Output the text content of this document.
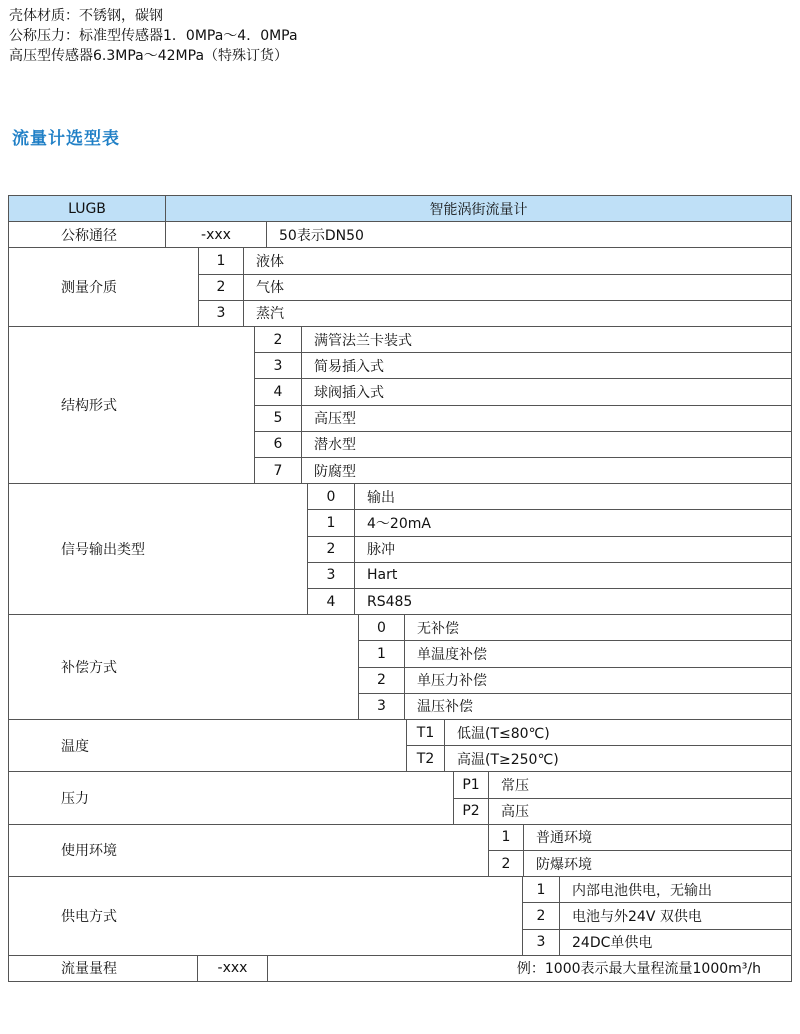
壳体材质：不锈钢，碳钢
公称压力：标准型传感器1．0MPa～4．0MPa
高压型传感器6.3MPa～42MPa（特殊订货）
流量计选型表
LUGB	智能涡街流量计
公称通径	-xxx	50表示DN50
测量介质
1	液体
2	气体
3	蒸汽
结构形式
2	满管法兰卡装式
3	简易插入式
4	球阀插入式
5	高压型
6	潜水型
7	防腐型
信号输出类型
0	输出
1	4～20mA
2	脉冲
3	Hart
4	RS485
补偿方式
0	无补偿
1	单温度补偿
2	单压力补偿
3	温压补偿
温度
T1	低温(T≤80℃)
T2	高温(T≥250℃)
压力
P1	常压
P2	高压
使用环境
1	普通环境
2	防爆环境
供电方式
1	内部电池供电，无输出
2	电池与外24V 双供电
3	24DC单供电
流量量程	-xxx	例：1000表示最大量程流量1000m³/h
